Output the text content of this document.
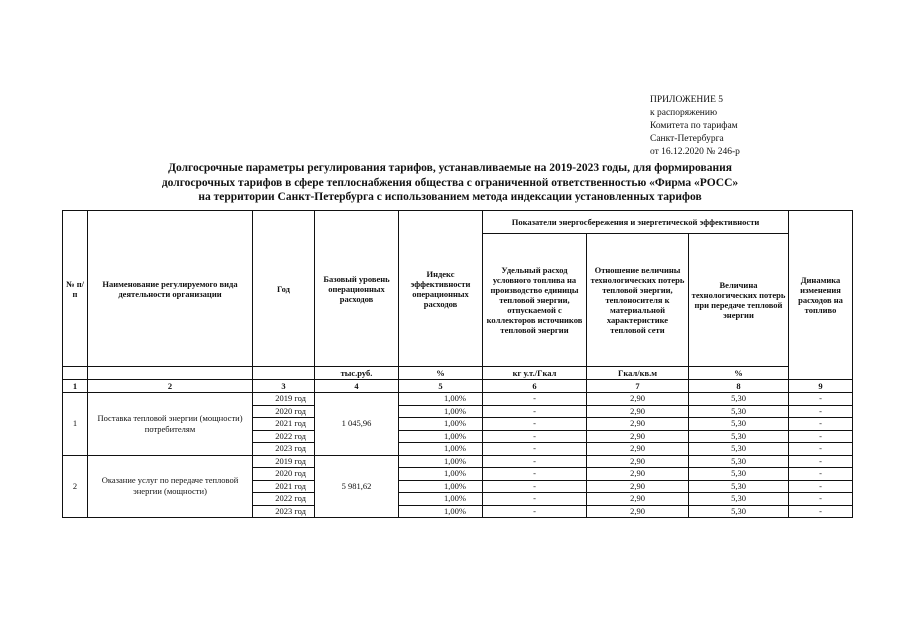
ПРИЛОЖЕНИЕ 5
к распоряжению
Комитета по тарифам
Санкт-Петербурга
от 16.12.2020 № 246-р
Долгосрочные параметры регулирования тарифов, устанавливаемые на 2019-2023 годы, для формирования
долгосрочных тарифов в сфере теплоснабжения общества с ограниченной ответственностью «Фирма «РОСС»
на территории Санкт-Петербурга с использованием метода индексации установленных тарифов
№ п/п	Наименование регулируемого вида деятельности организации	Год	Базовый уровень операционных расходов	Индекс эффективности операционных расходов	Показатели энергосбережения и энергетической эффективности			Динамика изменения расходов на топливо
					Удельный расход условного топлива на производство единицы тепловой энергии, отпускаемой с коллекторов источников тепловой энергии	Отношение величины технологических потерь тепловой энергии, теплоносителя к материальной характеристике тепловой сети	Величина технологических потерь при передаче тепловой энергии	
			тыс.руб.	%	кг у.т./Гкал	Гкал/кв.м	%	
1	2	3	4	5	6	7	8	9
1	Поставка тепловой энергии (мощности) потребителям	2019 год	1 045,96	1,00%	-	2,90	5,30	-
		2020 год		1,00%	-	2,90	5,30	-
		2021 год		1,00%	-	2,90	5,30	-
		2022 год		1,00%	-	2,90	5,30	-
		2023 год		1,00%	-	2,90	5,30	-
2	Оказание услуг по передаче тепловой энергии (мощности)	2019 год	5 981,62	1,00%	-	2,90	5,30	-
		2020 год		1,00%	-	2,90	5,30	-
		2021 год		1,00%	-	2,90	5,30	-
		2022 год		1,00%	-	2,90	5,30	-
		2023 год		1,00%	-	2,90	5,30	-
